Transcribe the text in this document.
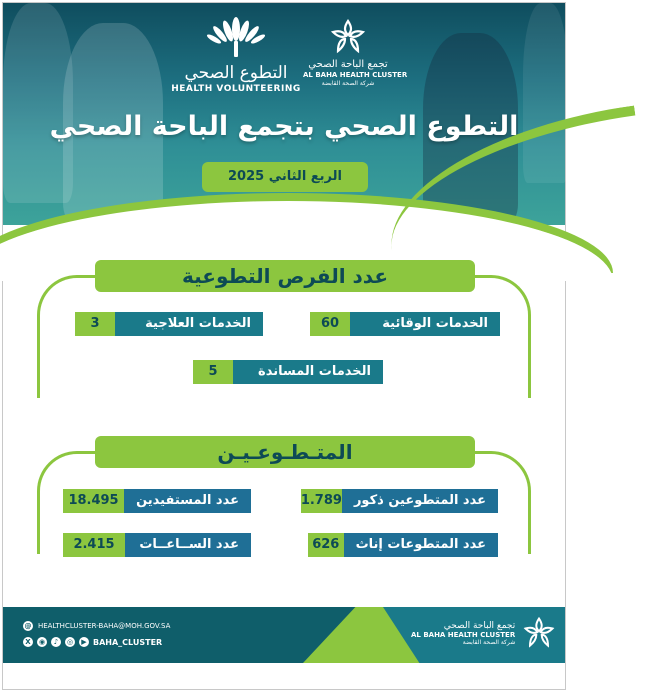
التطوع الصحي
HEALTH VOLUNTEERING
تجمع الباحة الصحي
AL BAHA HEALTH CLUSTER
شركة الصحة القابضة
التطوع الصحي بتجمع الباحة الصحي
الربع الثاني 2025
عدد الفرص التطوعية
الخدمات الوقائية
60
الخدمات العلاجية
3
الخدمات المساندة
5
المتـطـوعـيـن
عدد المتطوعين ذكور
1.789
عدد المستفيدين
18.495
عدد المتطوعات إناث
626
عدد الســاعــات
2.415
@ HEALTHCLUSTER-BAHA@MOH.GOV.SA
X	◉	♪	◎	▶ BAHA_CLUSTER
تجمع الباحة الصحي
AL BAHA HEALTH CLUSTER
شركة الصحة القابضة
